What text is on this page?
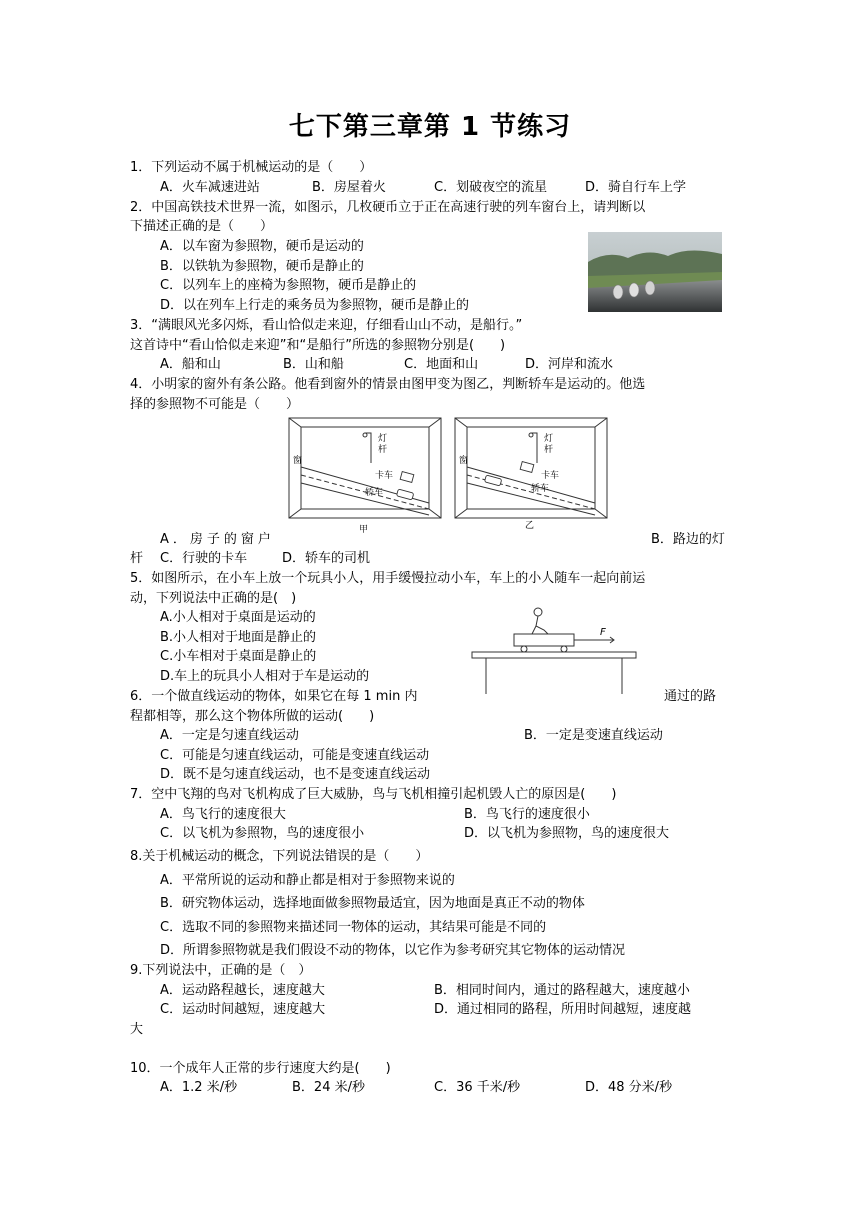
七下第三章第 1 节练习
1．下列运动不属于机械运动的是（　　）
A．火车减速进站	B．房屋着火	C．划破夜空的流星	D．骑自行车上学
2．中国高铁技术世界一流，如图示，几枚硬币立于正在高速行驶的列车窗台上，请判断以
下描述正确的是（　　）
A．以车窗为参照物，硬币是运动的
B．以铁轨为参照物，硬币是静止的
C．以列车上的座椅为参照物，硬币是静止的
D．以在列车上行走的乘务员为参照物，硬币是静止的
3．“满眼风光多闪烁，看山恰似走来迎，仔细看山山不动，是船行。”
这首诗中“看山恰似走来迎”和“是船行”所选的参照物分别是(　　)
A．船和山	B．山和船	C．地面和山	D．河岸和流水
4．小明家的窗外有条公路。他看到窗外的情景由图甲变为图乙，判断轿车是运动的。他选
择的参照物不可能是（　　）
窗	窗
灯
杆
灯
杆
卡车
轿车
卡车
轿车
甲	乙
A．房子的窗户	B．路边的灯
杆 C．行驶的卡车	D．轿车的司机
5．如图所示，在小车上放一个玩具小人，用手缓慢拉动小车，车上的小人随车一起向前运
动，下列说法中正确的是(　)
A.小人相对于桌面是运动的
B.小人相对于地面是静止的
C.小车相对于桌面是静止的
D.车上的玩具小人相对于车是运动的
F
6．一个做直线运动的物体，如果它在每 1 min 内	通过的路
程都相等，那么这个物体所做的运动(　　)
A．一定是匀速直线运动	B．一定是变速直线运动
C．可能是匀速直线运动，可能是变速直线运动
D．既不是匀速直线运动，也不是变速直线运动
7．空中飞翔的鸟对飞机构成了巨大威胁，鸟与飞机相撞引起机毁人亡的原因是(　　)
A．鸟飞行的速度很大	B．鸟飞行的速度很小
C．以飞机为参照物，鸟的速度很小	D．以飞机为参照物，鸟的速度很大
8.关于机械运动的概念，下列说法错误的是（　　）
A．平常所说的运动和静止都是相对于参照物来说的
B．研究物体运动，选择地面做参照物最适宜，因为地面是真正不动的物体
C．选取不同的参照物来描述同一物体的运动，其结果可能是不同的
D．所谓参照物就是我们假设不动的物体，以它作为参考研究其它物体的运动情况
9.下列说法中，正确的是（　）
A．运动路程越长，速度越大	B．相同时间内，通过的路程越大，速度越小
C．运动时间越短，速度越大	D．通过相同的路程，所用时间越短，速度越
大
10．一个成年人正常的步行速度大约是(　　)
A．1.2 米/秒	B．24 米/秒	C．36 千米/秒	D．48 分米/秒
